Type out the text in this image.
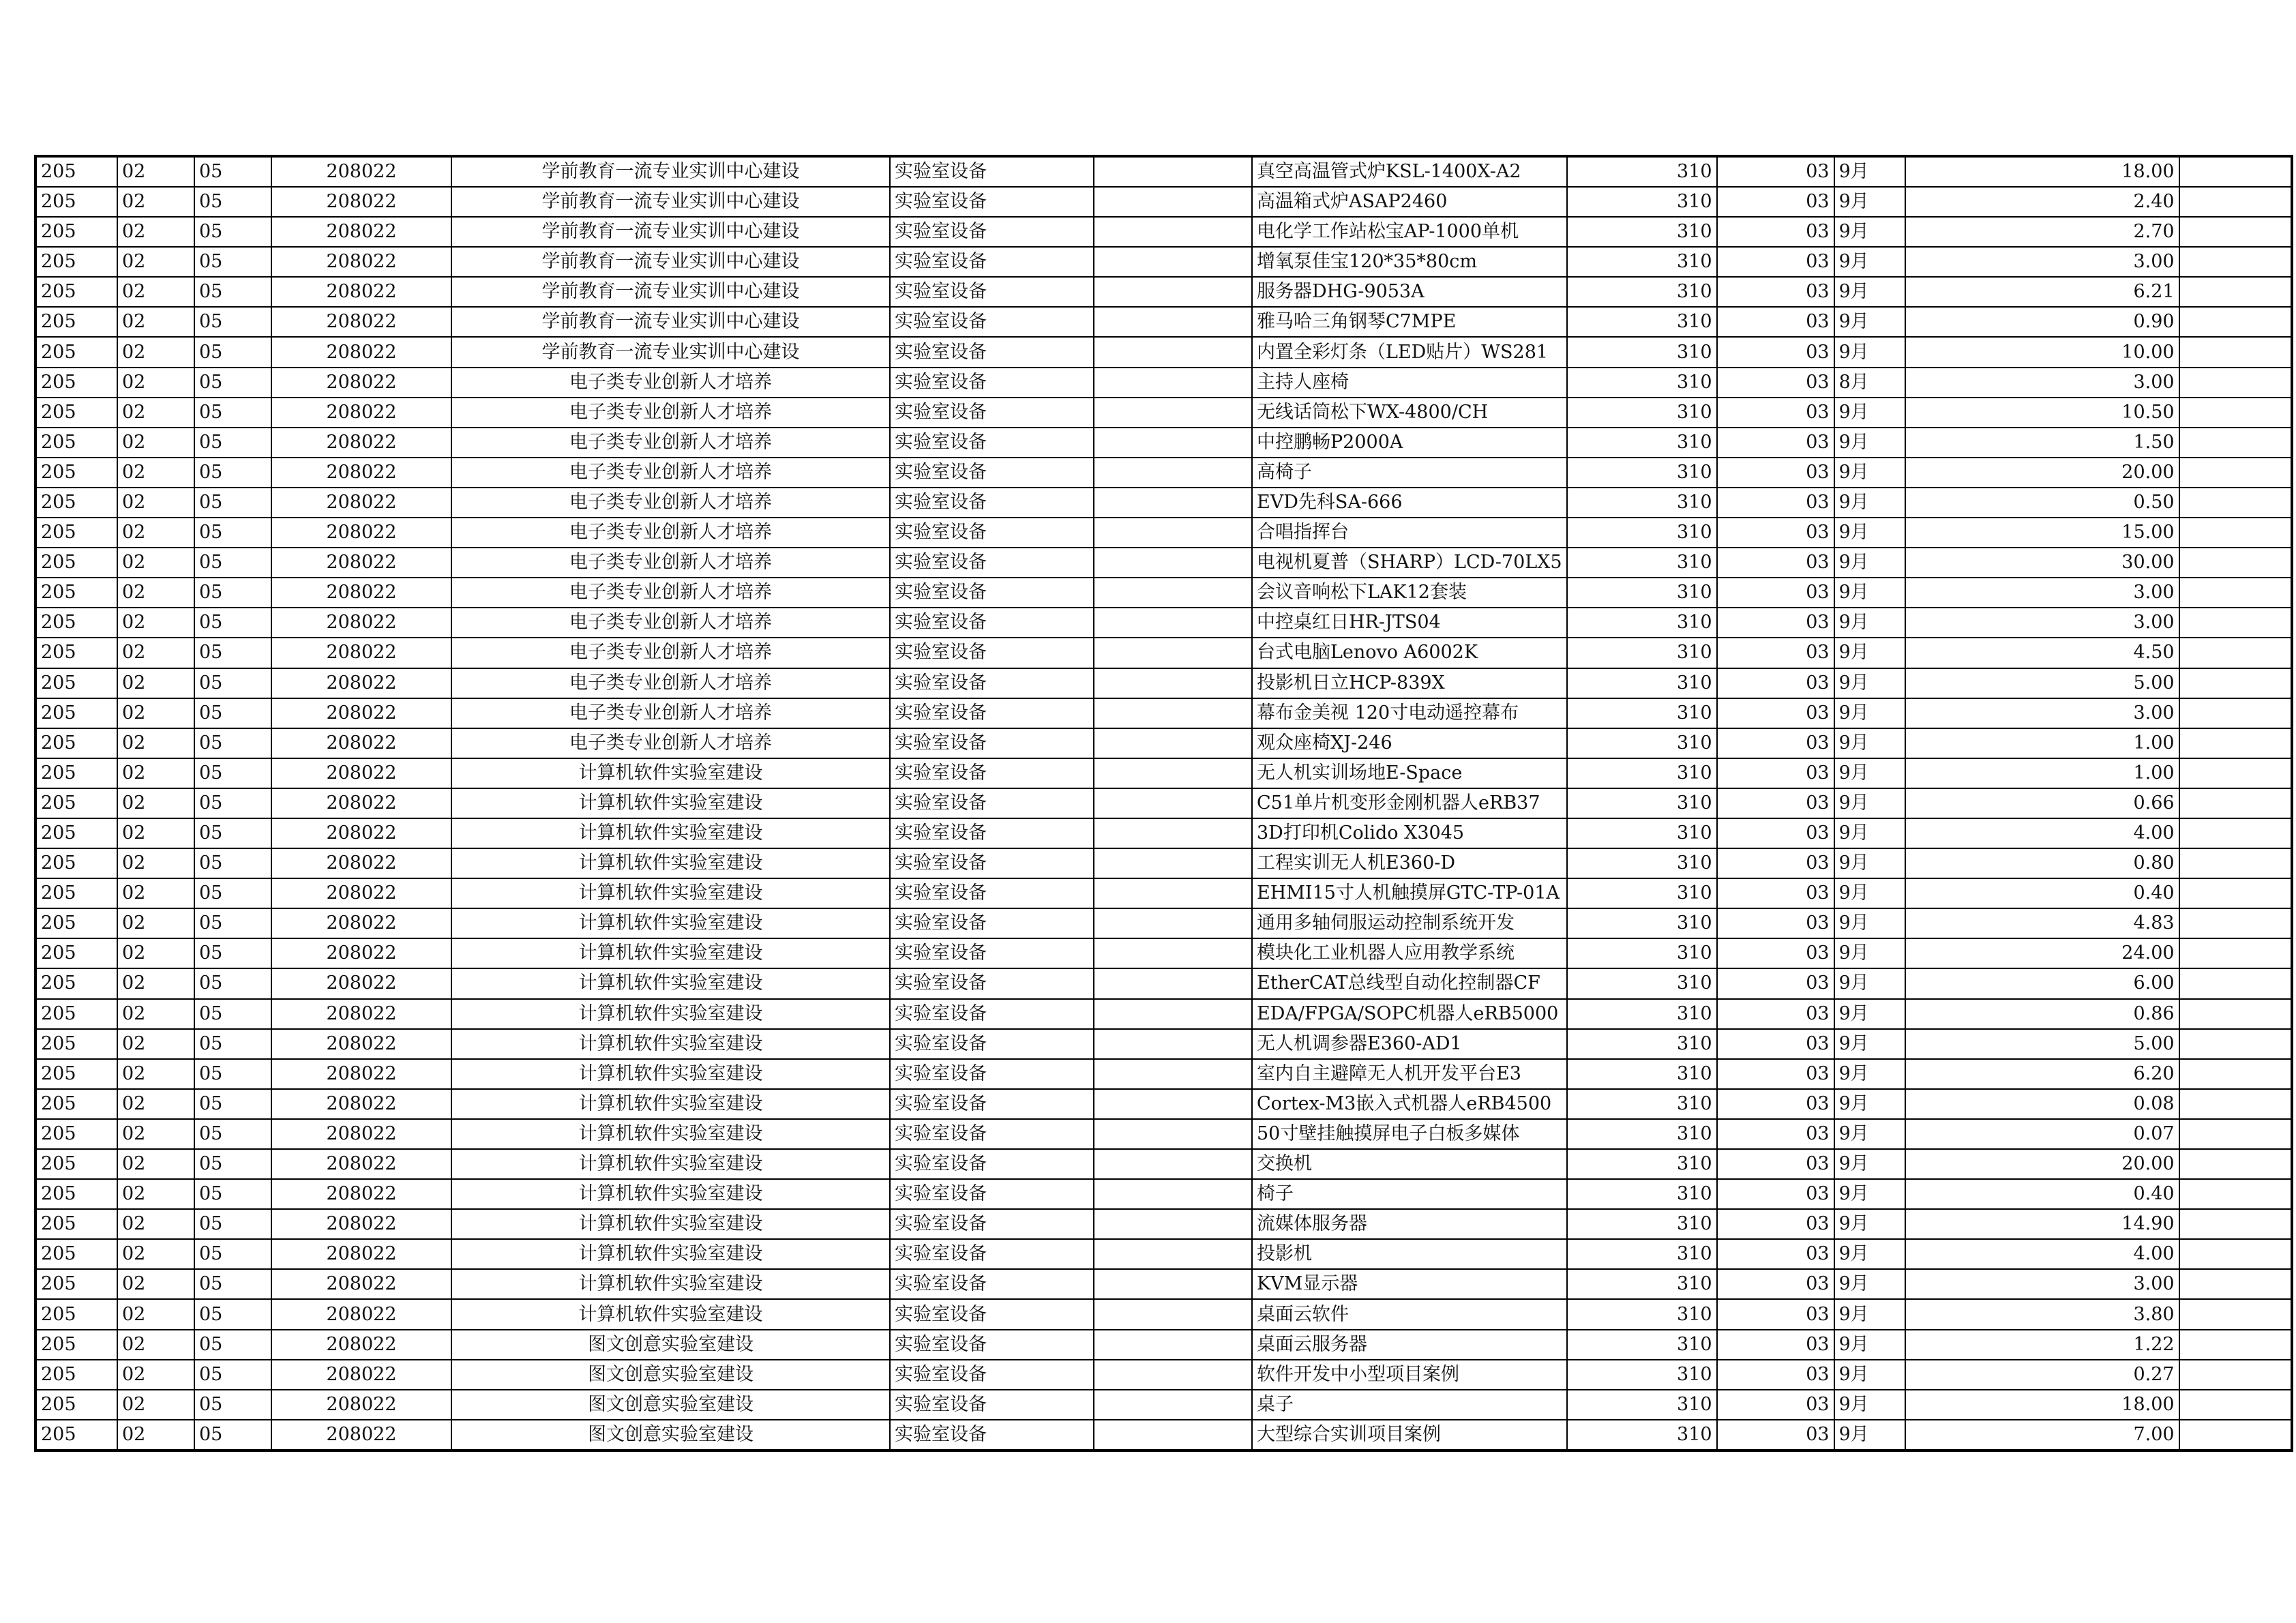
205	02	05	208022	学前教育一流专业实训中心建设	实验室设备		真空高温管式炉KSL-1400X-A2	310	03	9月	18.00	
205	02	05	208022	学前教育一流专业实训中心建设	实验室设备		高温箱式炉ASAP2460	310	03	9月	2.40	
205	02	05	208022	学前教育一流专业实训中心建设	实验室设备		电化学工作站松宝AP-1000单机	310	03	9月	2.70	
205	02	05	208022	学前教育一流专业实训中心建设	实验室设备		增氧泵佳宝120*35*80cm	310	03	9月	3.00	
205	02	05	208022	学前教育一流专业实训中心建设	实验室设备		服务器DHG-9053A	310	03	9月	6.21	
205	02	05	208022	学前教育一流专业实训中心建设	实验室设备		雅马哈三角钢琴C7MPE	310	03	9月	0.90	
205	02	05	208022	学前教育一流专业实训中心建设	实验室设备		内置全彩灯条（LED贴片）WS281	310	03	9月	10.00	
205	02	05	208022	电子类专业创新人才培养	实验室设备		主持人座椅	310	03	8月	3.00	
205	02	05	208022	电子类专业创新人才培养	实验室设备		无线话筒松下WX-4800/CH	310	03	9月	10.50	
205	02	05	208022	电子类专业创新人才培养	实验室设备		中控鹏畅P2000A	310	03	9月	1.50	
205	02	05	208022	电子类专业创新人才培养	实验室设备		高椅子	310	03	9月	20.00	
205	02	05	208022	电子类专业创新人才培养	实验室设备		EVD先科SA-666	310	03	9月	0.50	
205	02	05	208022	电子类专业创新人才培养	实验室设备		合唱指挥台	310	03	9月	15.00	
205	02	05	208022	电子类专业创新人才培养	实验室设备		电视机夏普（SHARP）LCD-70LX5	310	03	9月	30.00	
205	02	05	208022	电子类专业创新人才培养	实验室设备		会议音响松下LAK12套装	310	03	9月	3.00	
205	02	05	208022	电子类专业创新人才培养	实验室设备		中控桌红日HR-JTS04	310	03	9月	3.00	
205	02	05	208022	电子类专业创新人才培养	实验室设备		台式电脑Lenovo A6002K	310	03	9月	4.50	
205	02	05	208022	电子类专业创新人才培养	实验室设备		投影机日立HCP-839X	310	03	9月	5.00	
205	02	05	208022	电子类专业创新人才培养	实验室设备		幕布金美视 120寸电动遥控幕布	310	03	9月	3.00	
205	02	05	208022	电子类专业创新人才培养	实验室设备		观众座椅XJ-246	310	03	9月	1.00	
205	02	05	208022	计算机软件实验室建设	实验室设备		无人机实训场地E-Space	310	03	9月	1.00	
205	02	05	208022	计算机软件实验室建设	实验室设备		C51单片机变形金刚机器人eRB37	310	03	9月	0.66	
205	02	05	208022	计算机软件实验室建设	实验室设备		3D打印机Colido X3045	310	03	9月	4.00	
205	02	05	208022	计算机软件实验室建设	实验室设备		工程实训无人机E360-D	310	03	9月	0.80	
205	02	05	208022	计算机软件实验室建设	实验室设备		EHMI15寸人机触摸屏GTC-TP-01A	310	03	9月	0.40	
205	02	05	208022	计算机软件实验室建设	实验室设备		通用多轴伺服运动控制系统开发	310	03	9月	4.83	
205	02	05	208022	计算机软件实验室建设	实验室设备		模块化工业机器人应用教学系统	310	03	9月	24.00	
205	02	05	208022	计算机软件实验室建设	实验室设备		EtherCAT总线型自动化控制器CF	310	03	9月	6.00	
205	02	05	208022	计算机软件实验室建设	实验室设备		EDA/FPGA/SOPC机器人eRB5000	310	03	9月	0.86	
205	02	05	208022	计算机软件实验室建设	实验室设备		无人机调参器E360-AD1	310	03	9月	5.00	
205	02	05	208022	计算机软件实验室建设	实验室设备		室内自主避障无人机开发平台E3	310	03	9月	6.20	
205	02	05	208022	计算机软件实验室建设	实验室设备		Cortex-M3嵌入式机器人eRB4500	310	03	9月	0.08	
205	02	05	208022	计算机软件实验室建设	实验室设备		50寸壁挂触摸屏电子白板多媒体	310	03	9月	0.07	
205	02	05	208022	计算机软件实验室建设	实验室设备		交换机	310	03	9月	20.00	
205	02	05	208022	计算机软件实验室建设	实验室设备		椅子	310	03	9月	0.40	
205	02	05	208022	计算机软件实验室建设	实验室设备		流媒体服务器	310	03	9月	14.90	
205	02	05	208022	计算机软件实验室建设	实验室设备		投影机	310	03	9月	4.00	
205	02	05	208022	计算机软件实验室建设	实验室设备		KVM显示器	310	03	9月	3.00	
205	02	05	208022	计算机软件实验室建设	实验室设备		桌面云软件	310	03	9月	3.80	
205	02	05	208022	图文创意实验室建设	实验室设备		桌面云服务器	310	03	9月	1.22	
205	02	05	208022	图文创意实验室建设	实验室设备		软件开发中小型项目案例	310	03	9月	0.27	
205	02	05	208022	图文创意实验室建设	实验室设备		桌子	310	03	9月	18.00	
205	02	05	208022	图文创意实验室建设	实验室设备		大型综合实训项目案例	310	03	9月	7.00	
